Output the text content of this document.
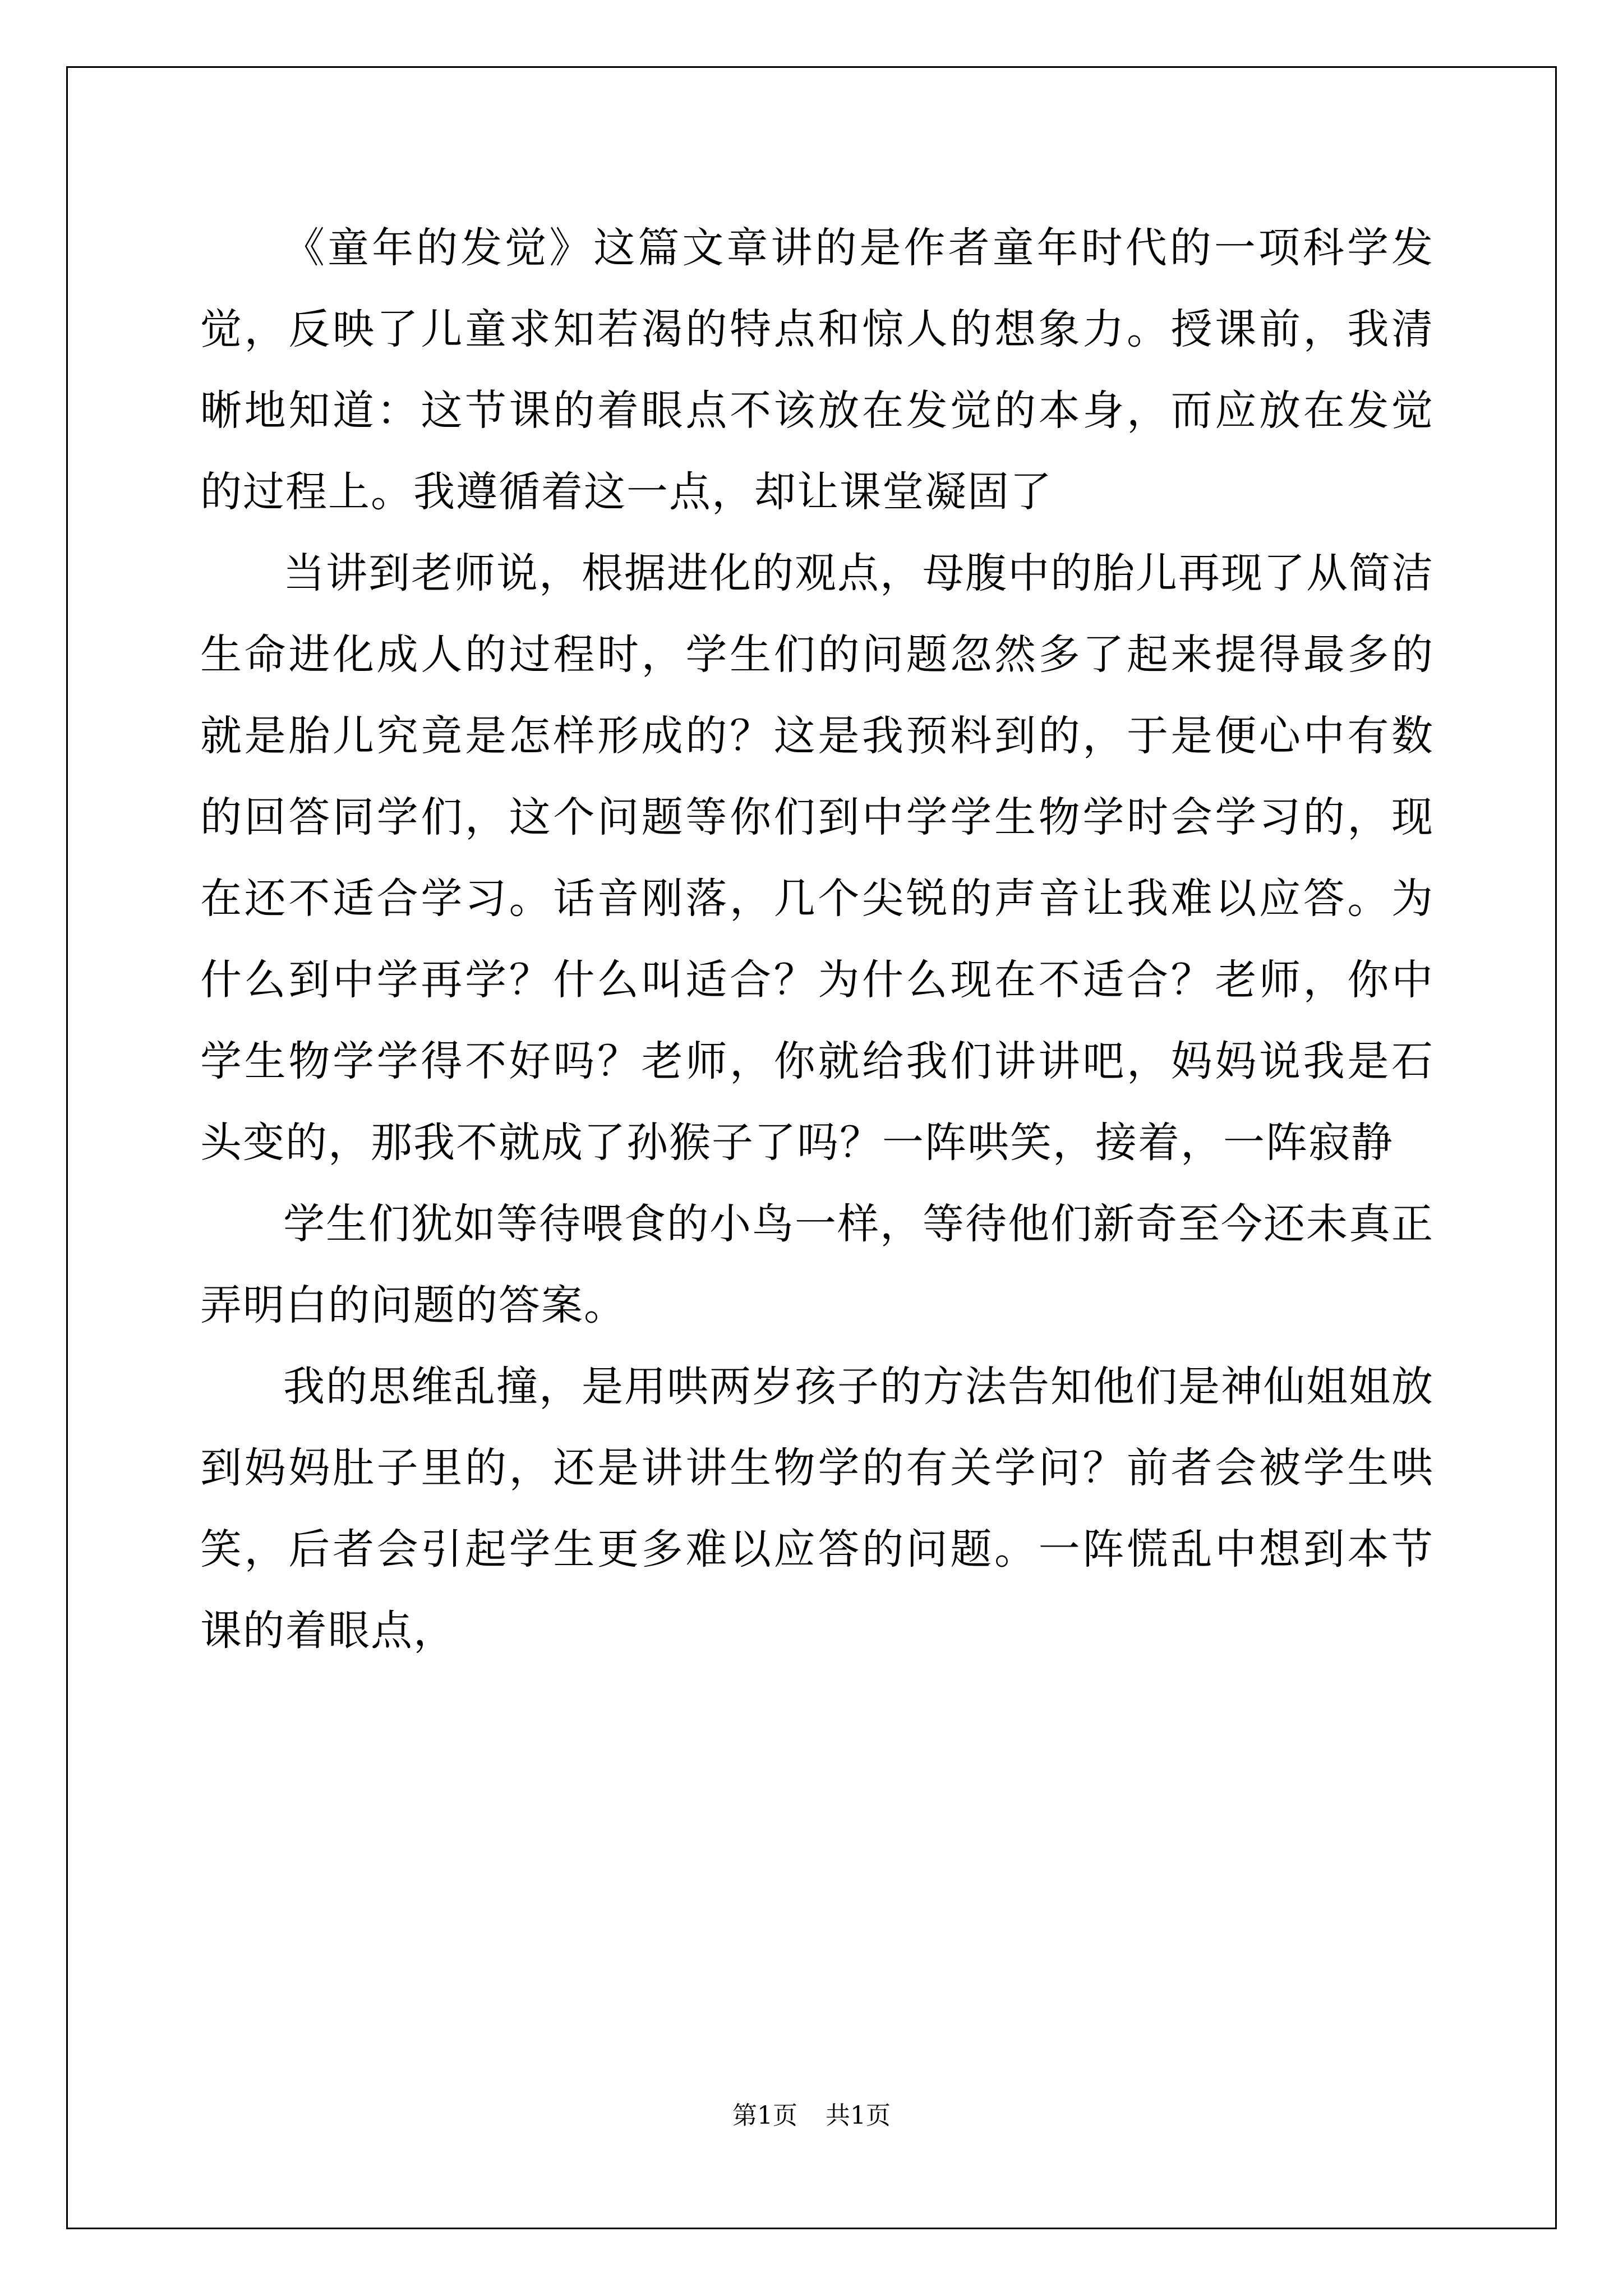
《童年的发觉》这篇文章讲的是作者童年时代的一项科学发觉，反映了儿童求知若渴的特点和惊人的想象力。授课前，我清晰地知道：这节课的着眼点不该放在发觉的本身，而应放在发觉的过程上。我遵循着这一点，却让课堂凝固了

当讲到老师说，根据进化的观点，母腹中的胎儿再现了从简洁生命进化成人的过程时，学生们的问题忽然多了起来提得最多的就是胎儿究竟是怎样形成的？这是我预料到的，于是便心中有数的回答同学们，这个问题等你们到中学学生物学时会学习的，现在还不适合学习。话音刚落，几个尖锐的声音让我难以应答。为什么到中学再学？什么叫适合？为什么现在不适合？老师，你中学生物学学得不好吗？老师，你就给我们讲讲吧，妈妈说我是石头变的，那我不就成了孙猴子了吗？一阵哄笑，接着，一阵寂静

学生们犹如等待喂食的小鸟一样，等待他们新奇至今还未真正弄明白的问题的答案。

我的思维乱撞，是用哄两岁孩子的方法告知他们是神仙姐姐放到妈妈肚子里的，还是讲讲生物学的有关学问？前者会被学生哄笑，后者会引起学生更多难以应答的问题。一阵慌乱中想到本节课的着眼点，

第1页 共1页
